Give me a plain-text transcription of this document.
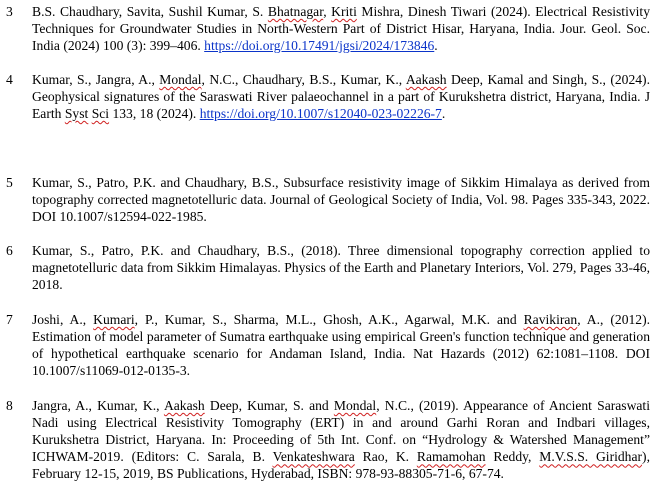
3 B.S. Chaudhary, Savita, Sushil Kumar, S. Bhatnagar, Kriti Mishra, Dinesh Tiwari (2024). Electrical Resistivity Techniques for Groundwater Studies in North-Western Part of District Hisar, Haryana, India. Jour. Geol. Soc. India (2024) 100 (3): 399–406. https://doi.org/10.17491/jgsi/2024/173846.
4 Kumar, S., Jangra, A., Mondal, N.C., Chaudhary, B.S., Kumar, K., Aakash Deep, Kamal and Singh, S., (2024). Geophysical signatures of the Saraswati River palaeochannel in a part of Kurukshetra district, Haryana, India. J Earth Syst Sci 133, 18 (2024). https://doi.org/10.1007/s12040-023-02226-7.
5 Kumar, S., Patro, P.K. and Chaudhary, B.S., Subsurface resistivity image of Sikkim Himalaya as derived from topography corrected magnetotelluric data. Journal of Geological Society of India, Vol. 98. Pages 335-343, 2022. DOI 10.1007/s12594-022-1985.
6 Kumar, S., Patro, P.K. and Chaudhary, B.S., (2018). Three dimensional topography correction applied to magnetotelluric data from Sikkim Himalayas. Physics of the Earth and Planetary Interiors, Vol. 279, Pages 33-46, 2018.
7 Joshi, A., Kumari, P., Kumar, S., Sharma, M.L., Ghosh, A.K., Agarwal, M.K. and Ravikiran, A., (2012). Estimation of model parameter of Sumatra earthquake using empirical Green's function technique and generation of hypothetical earthquake scenario for Andaman Island, India. Nat Hazards (2012) 62:1081–1108. DOI 10.1007/s11069-012-0135-3.
8 Jangra, A., Kumar, K., Aakash Deep, Kumar, S. and Mondal, N.C., (2019). Appearance of Ancient Saraswati Nadi using Electrical Resistivity Tomography (ERT) in and around Garhi Roran and Indbari villages, Kurukshetra District, Haryana. In: Proceeding of 5th Int. Conf. on “Hydrology & Watershed Management” ICHWAM-2019. (Editors: C. Sarala, B. Venkateshwara Rao, K. Ramamohan Reddy, M.V.S.S. Giridhar), February 12-15, 2019, BS Publications, Hyderabad, ISBN: 978-93-88305-71-6, 67-74.
